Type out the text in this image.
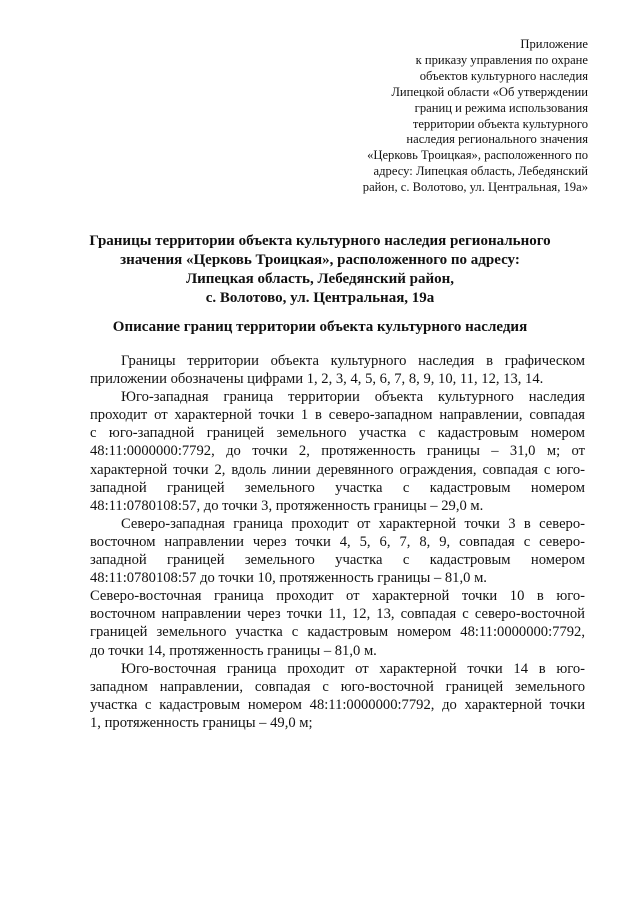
Приложение
к приказу управления по охране
объектов культурного наследия
Липецкой области «Об утверждении
границ и режима использования
территории объекта культурного
наследия регионального значения
«Церковь Троицкая», расположенного по
адресу: Липецкая область, Лебедянский
район, с. Волотово, ул. Центральная, 19а»
Границы территории объекта культурного наследия регионального
значения «Церковь Троицкая», расположенного по адресу:
Липецкая область, Лебедянский район,
с. Волотово, ул. Центральная, 19а
Описание границ территории объекта культурного наследия
Границы территории объекта культурного наследия в графическом
приложении обозначены цифрами 1, 2, 3, 4, 5, 6, 7, 8, 9, 10, 11, 12, 13, 14.
Юго-западная граница территории объекта культурного наследия
проходит от характерной точки 1 в северо-западном направлении, совпадая
с юго-западной границей земельного участка с кадастровым номером
48:11:0000000:7792, до точки 2, протяженность границы – 31,0 м; от
характерной точки 2, вдоль линии деревянного ограждения, совпадая с юго-
западной границей земельного участка с кадастровым номером
48:11:0780108:57, до точки 3, протяженность границы – 29,0 м.
Северо-западная граница проходит от характерной точки 3 в северо-
восточном направлении через точки 4, 5, 6, 7, 8, 9, совпадая с северо-
западной границей земельного участка с кадастровым номером
48:11:0780108:57 до точки 10, протяженность границы – 81,0 м.
Северо-восточная граница проходит от характерной точки 10 в юго-
восточном направлении через точки 11, 12, 13, совпадая с северо-восточной
границей земельного участка с кадастровым номером 48:11:0000000:7792,
до точки 14, протяженность границы – 81,0 м.
Юго-восточная граница проходит от характерной точки 14 в юго-
западном направлении, совпадая с юго-восточной границей земельного
участка с кадастровым номером 48:11:0000000:7792, до характерной точки
1, протяженность границы – 49,0 м;
